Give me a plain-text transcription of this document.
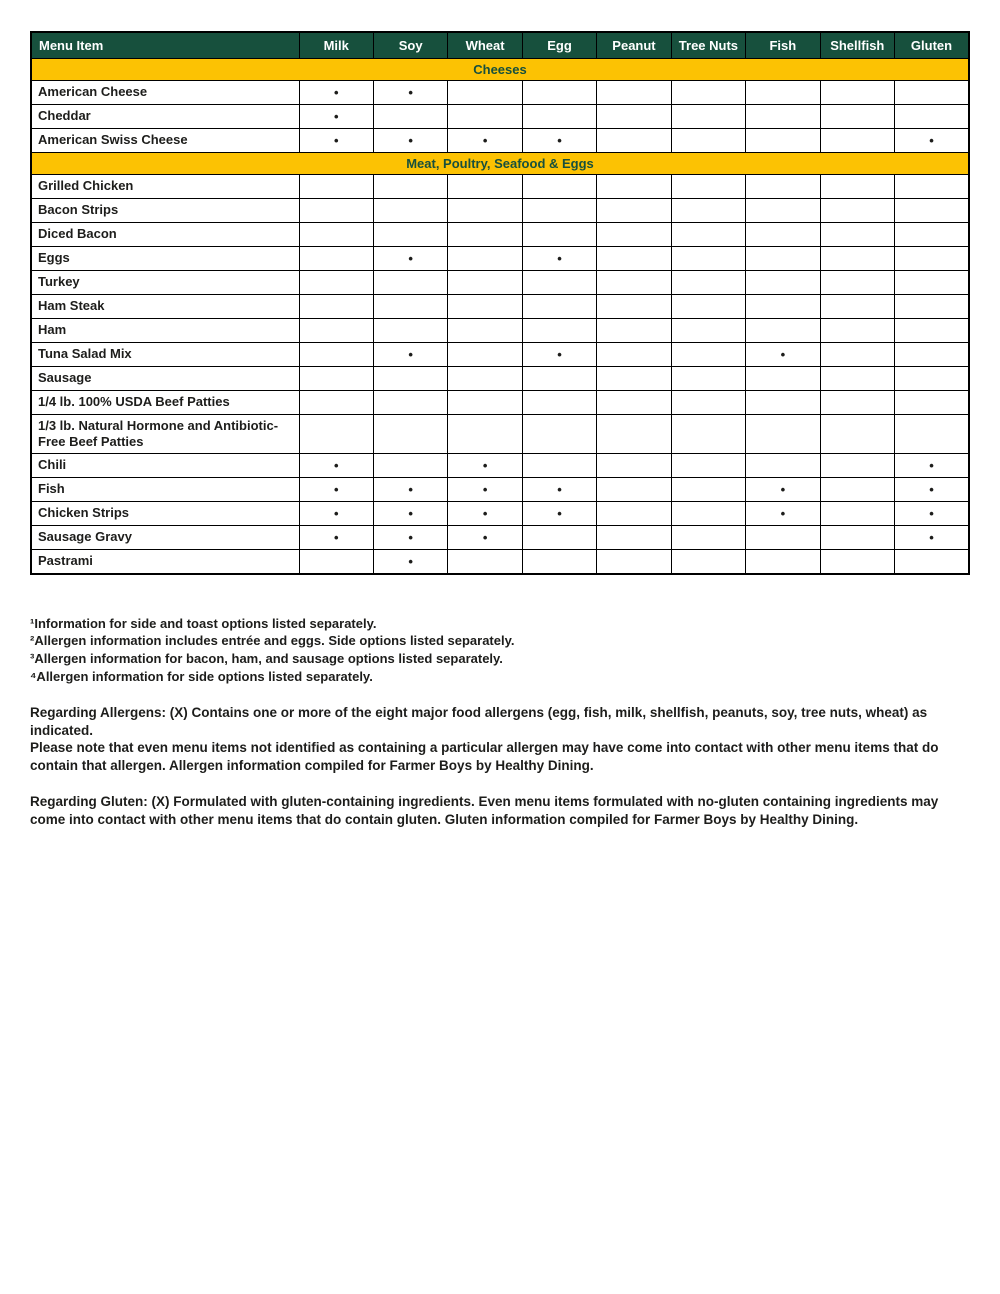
Menu Item	Milk	Soy	Wheat	Egg	Peanut	Tree Nuts	Fish	Shellfish	Gluten
Cheeses									
American Cheese	•	•							
Cheddar	•								
American Swiss Cheese	•	•	•	•					•
Meat, Poultry, Seafood & Eggs									
Grilled Chicken									
Bacon Strips									
Diced Bacon									
Eggs		•		•					
Turkey									
Ham Steak									
Ham									
Tuna Salad Mix		•		•			•		
Sausage									
1/4 lb. 100% USDA Beef Patties									
1/3 lb. Natural Hormone and Antibiotic-Free Beef Patties									
Chili	•		•						•
Fish	•	•	•	•			•		•
Chicken Strips	•	•	•	•			•		•
Sausage Gravy	•	•	•						•
Pastrami		•							
¹Information for side and toast options listed separately.
²Allergen information includes entrée and eggs. Side options listed separately.
³Allergen information for bacon, ham, and sausage options listed separately.
⁴Allergen information for side options listed separately.

Regarding Allergens: (X) Contains one or more of the eight major food allergens (egg, fish, milk, shellfish, peanuts, soy, tree nuts, wheat) as indicated.

Please note that even menu items not identified as containing a particular allergen may have come into contact with other menu items that do contain that allergen. Allergen information compiled for Farmer Boys by Healthy Dining.

Regarding Gluten: (X) Formulated with gluten-containing ingredients. Even menu items formulated with no-gluten containing ingredients may come into contact with other menu items that do contain gluten. Gluten information compiled for Farmer Boys by Healthy Dining.
